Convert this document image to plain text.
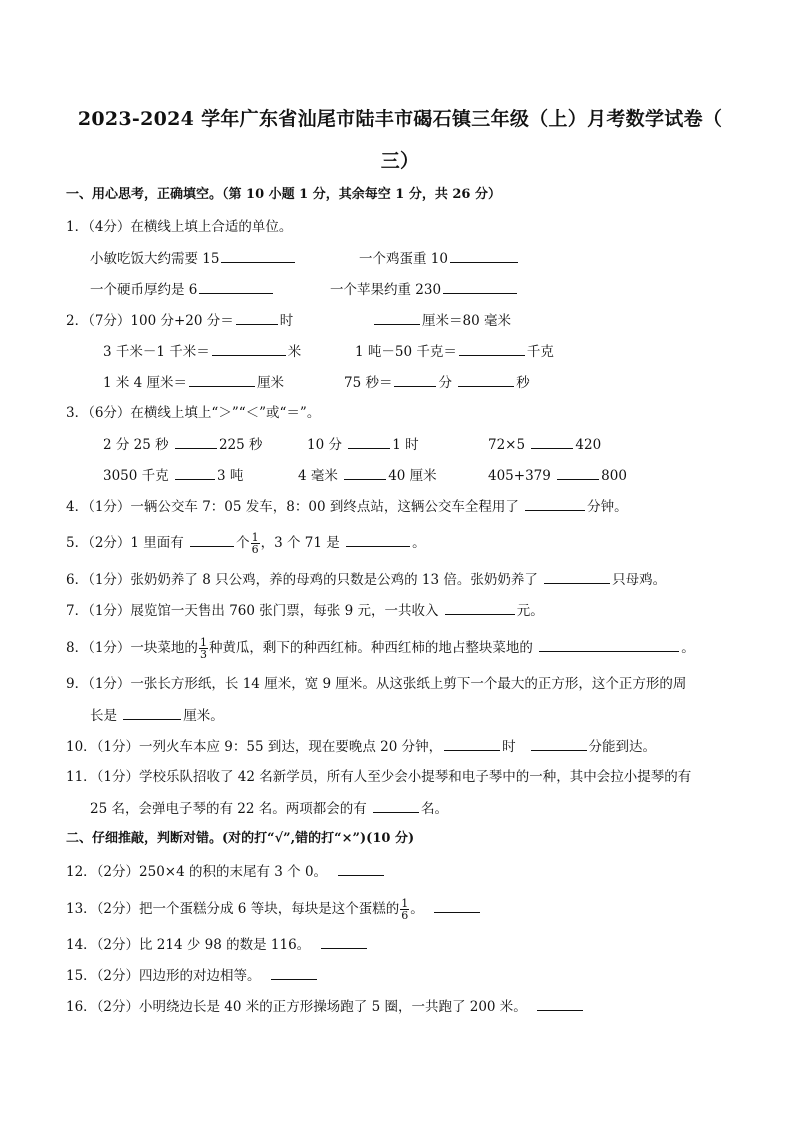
2023-2024 学年广东省汕尾市陆丰市碣石镇三年级（上）月考数学试卷（
三）
一、用心思考，正确填空。（第 10 小题 1 分，其余每空 1 分，共 26 分）
1．（4分）在横线上填上合适的单位。
小敏吃饭大约需要 15	一个鸡蛋重 10
一个硬币厚约是 6	一个苹果约重 230
2．（7分）100 分+20 分＝	时	厘米＝80 毫米
3 千米－1 千米＝	米	1 吨－50 千克＝	千克
1 米 4 厘米＝	厘米	75 秒＝	分	秒
3．（6分）在横线上填上“＞”“＜”或“＝”。
2 分 25 秒	225 秒	10 分	1 时	72×5	420
3050 千克	3 吨	4 毫米	40 厘米	405+379	800
4．（1分）一辆公交车 7：05 发车，8：00 到终点站，这辆公交车全程用了	分钟。
5．（2分）1 里面有	个 $\frac{1}{6}$ ，3 个 71 是	。
6．（1分）张奶奶养了 8 只公鸡，养的母鸡的只数是公鸡的 13 倍。张奶奶养了	只母鸡。
7．（1分）展览馆一天售出 760 张门票，每张 9 元，一共收入	元。
8．（1分）一块菜地的 $\frac{1}{3}$ 种黄瓜，剩下的种西红柿。种西红柿的地占整块菜地的	。
9．（1分）一张长方形纸，长 14 厘米，宽 9 厘米。从这张纸上剪下一个最大的正方形，这个正方形的周
长是	厘米。
10．（1分）一列火车本应 9：55 到达，现在要晚点 20 分钟，	时	分能到达。
11．（1分）学校乐队招收了 42 名新学员，所有人至少会小提琴和电子琴中的一种，其中会拉小提琴的有
25 名，会弹电子琴的有 22 名。两项都会的有	名。
二、仔细推敲，判断对错。(对的打“√”,错的打“×”)(10 分)
12．（2分）250×4 的积的末尾有 3 个 0。
13．（2分）把一个蛋糕分成 6 等块，每块是这个蛋糕的 $\frac{1}{6}$ 。
14．（2分）比 214 少 98 的数是 116。
15．（2分）四边形的对边相等。
16．（2分）小明绕边长是 40 米的正方形操场跑了 5 圈，一共跑了 200 米。
